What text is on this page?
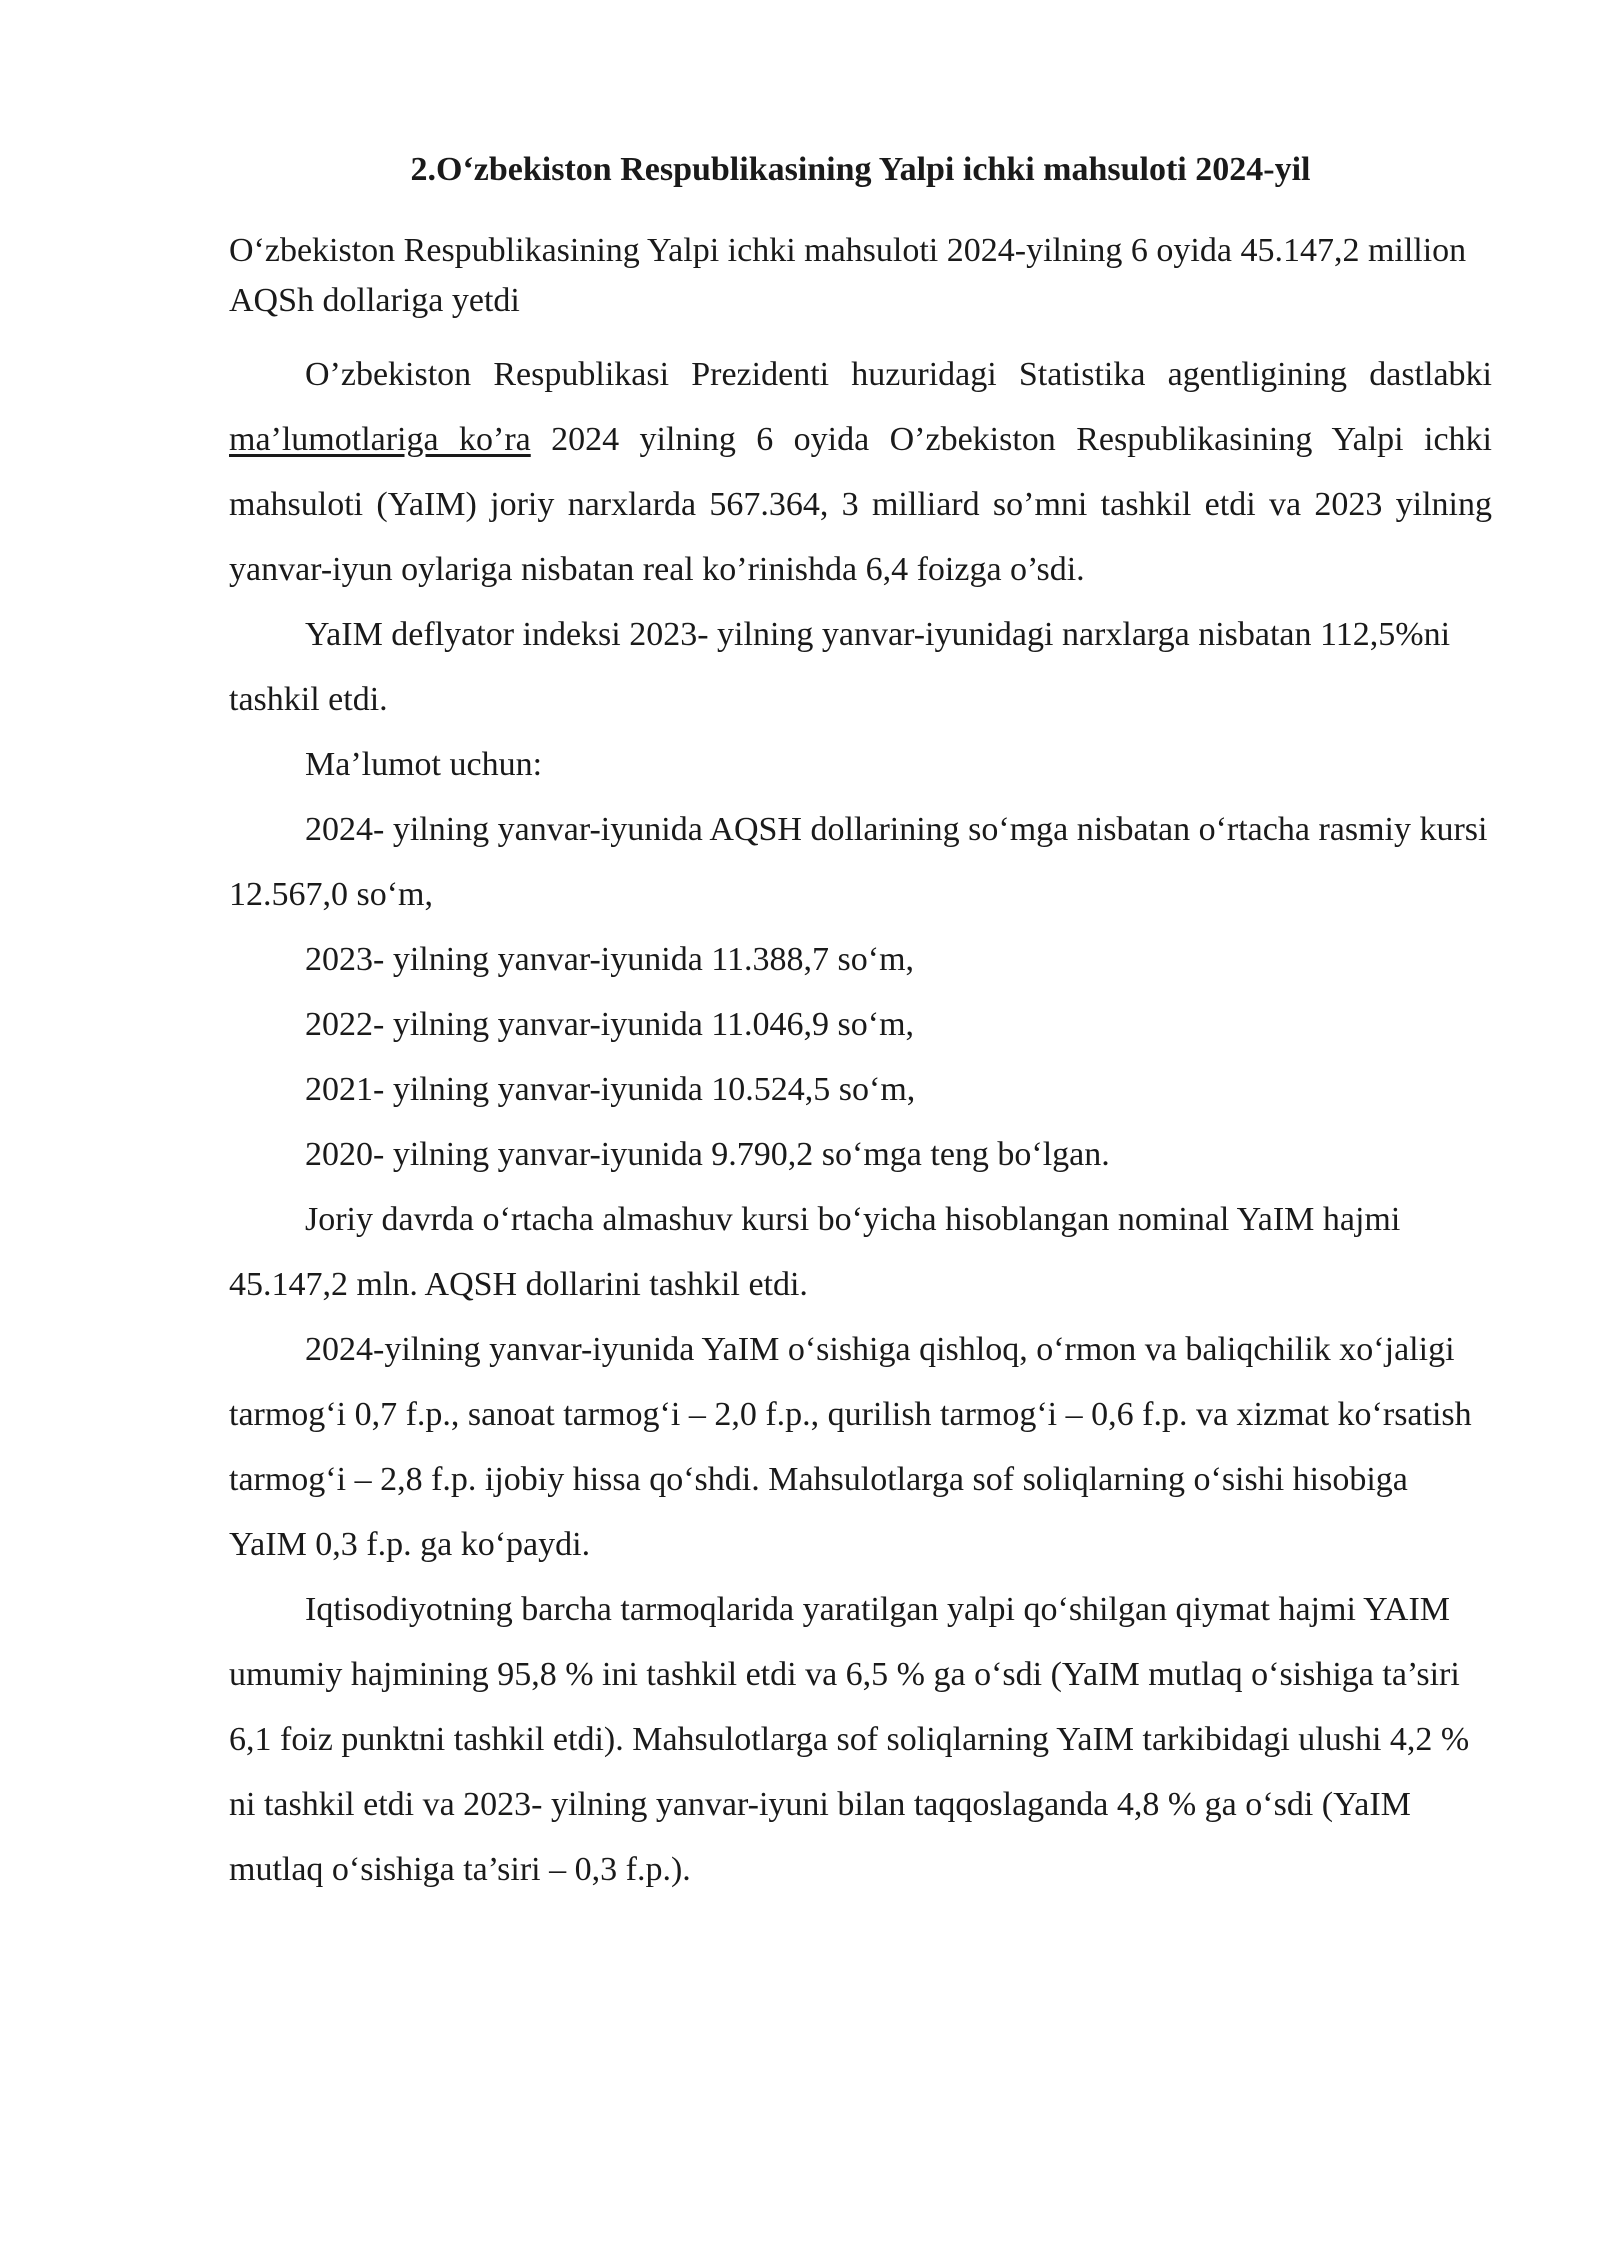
2.O‘zbekiston Respublikasining Yalpi ichki mahsuloti 2024-yil

O‘zbekiston Respublikasining Yalpi ichki mahsuloti 2024-yilning 6 oyida 45.147,2 million AQSh dollariga yetdi

O’zbekiston Respublikasi Prezidenti huzuridagi Statistika agentligining dastlabki ma’lumotlariga ko’ra 2024 yilning 6 oyida O’zbekiston Respublikasining Yalpi ichki mahsuloti (YaIM) joriy narxlarda 567.364, 3 milliard so’mni tashkil etdi va 2023 yilning yanvar-iyun oylariga nisbatan real ko’rinishda 6,4 foizga o’sdi.

YaIM deflyator indeksi 2023- yilning yanvar-iyunidagi narxlarga nisbatan 112,5%ni tashkil etdi.

Ma’lumot uchun:

2024- yilning yanvar-iyunida AQSH dollarining so‘mga nisbatan o‘rtacha rasmiy kursi 12.567,0 so‘m,

2023- yilning yanvar-iyunida 11.388,7 so‘m,

2022- yilning yanvar-iyunida 11.046,9 so‘m,

2021- yilning yanvar-iyunida 10.524,5 so‘m,

2020- yilning yanvar-iyunida 9.790,2 so‘mga teng bo‘lgan.

Joriy davrda o‘rtacha almashuv kursi bo‘yicha hisoblangan nominal YaIM hajmi 45.147,2 mln. AQSH dollarini tashkil etdi.

2024-yilning yanvar-iyunida YaIM o‘sishiga qishloq, o‘rmon va baliqchilik xo‘jaligi tarmog‘i 0,7 f.p., sanoat tarmog‘i – 2,0 f.p., qurilish tarmog‘i – 0,6 f.p. va xizmat ko‘rsatish tarmog‘i – 2,8 f.p. ijobiy hissa qo‘shdi. Mahsulotlarga sof soliqlarning o‘sishi hisobiga YaIM 0,3 f.p. ga ko‘paydi.

Iqtisodiyotning barcha tarmoqlarida yaratilgan yalpi qo‘shilgan qiymat hajmi YAIM umumiy hajmining 95,8 % ini tashkil etdi va 6,5 % ga o‘sdi (YaIM mutlaq o‘sishiga ta’siri 6,1 foiz punktni tashkil etdi). Mahsulotlarga sof soliqlarning YaIM tarkibidagi ulushi 4,2 % ni tashkil etdi va 2023- yilning yanvar-iyuni bilan taqqoslaganda 4,8 % ga o‘sdi (YaIM mutlaq o‘sishiga ta’siri – 0,3 f.p.).
